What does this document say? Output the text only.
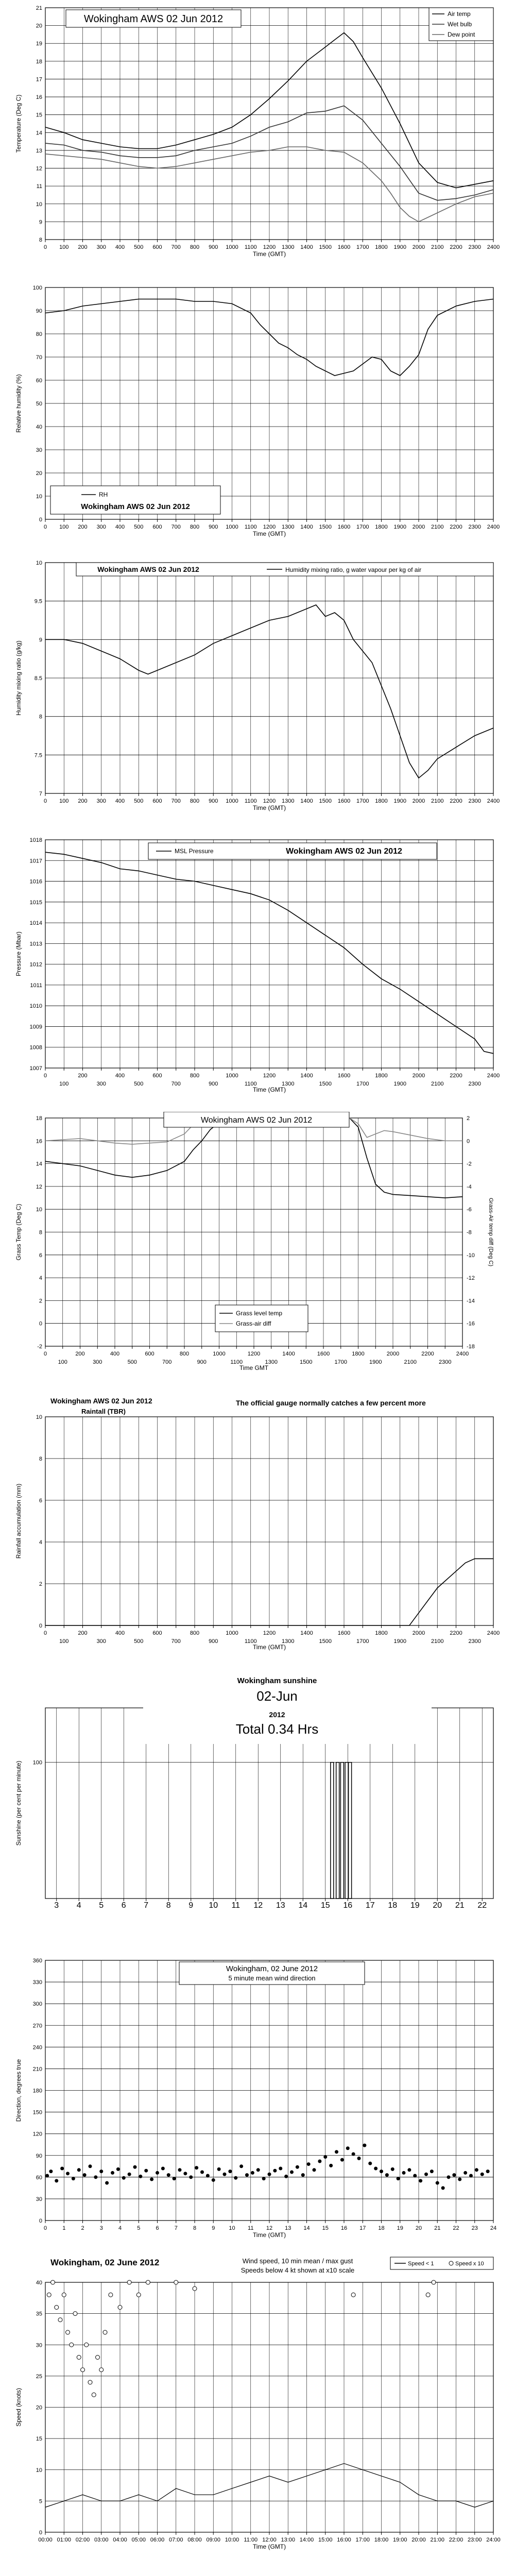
8
9
10
11
12
13
14
15
16
17
18
19
20
21
0 100 200 300 400 500 600 700 800 900 1000 1100 1200 1300 1400 1500 1600 1700 1800 1900 2000 2100 2200 2300 2400
Time (GMT)
Temperature (Deg C)
Wokingham AWS 02 Jun 2012	Air temp
Wet bulb
Dew point
0
10
20
30
40
50
60
70
80
90
100
0 100 200 300 400 500 600 700 800 900 1000 1100 1200 1300 1400 1500 1600 1700 1800 1900 2000 2100 2200 2300 2400
Time (GMT)
Relative humidity (%)
RH
Wokingham AWS 02 Jun 2012
7
7.5
8
8.5
9
9.5
10
0 100 200 300 400 500 600 700 800 900 1000 1100 1200 1300 1400 1500 1600 1700 1800 1900 2000 2100 2200 2300 2400
Time (GMT)
Humidity mixing ratio (g/kg)
Wokingham AWS 02 Jun 2012	Humidity mixing ratio, g water vapour per kg of air
1007
1008
1009
1010
1011
1012
1013
1014
1015
1016
1017
1018
0
100
200
300
400
500
600
700
800
900
1000
1100
1200
1300
1400
1500
1600
1700
1800
1900
2000
2100
2200
2300
2400
Time (GMT)
Pressure (Mbar)
MSL Pressure	Wokingham AWS 02 Jun 2012
-2
0
2
4
6
8
10
12
14
16
18
-18
-16
-14
-12
-10
-8
-6
-4
-2
0
2
Grass-Air temp diff (Deg C)
0
100
200
300
400
500
600
700
800
900
1000
1100
1200
1300
1400
1500
1600
1700
1800
1900
2000
2100
2200
2300
2400
Time GMT
Grass Temp (Deg C)
Wokingham AWS 02 Jun 2012
Grass level temp
Grass-air diff
0
2
4
6
8
10
0
100
200
300
400
500
600
700
800
900
1000
1100
1200
1300
1400
1500
1600
1700
1800
1900
2000
2100
2200
2300
2400
Time (GMT)
Rainfall accumulation (mm)
Wokingham AWS 02 Jun 2012
Raintall (TBR)
The official gauge normally catches a few percent more
100
3 4 5 6 7 8 9 10 11 12 13 14 15 16 17 18 19 20 21 22
Sunshine (per cent per minute)
Wokingham sunshine
02-Jun
2012
Total 0.34 Hrs
0
30
60
90
120
150
180
210
240
270
300
330
360
0	1	2	3	4	5	6	7	8	9 10 11 12 13 14 15 16 17 18 19 20 21 22 23 24
Time (GMT)
Direction, degrees true
Wokingham, 02 June 2012
5 minute mean wind direction
0
5
10
15
20
25
30
35
40
00:00 01:00 02:00 03:00 04:00 05:00 06:00 07:00 08:00 09:00 10:00 11:00 12:00 13:00 14:00 15:00 16:00 17:00 18:00 19:00 20:00 21:00 22:00 23:00 24:00
Time (GMT)
Speed (knots)
Wokingham, 02 June 2012	Wind speed, 10 min mean / max gust
Speeds below 4 kt shown at x10 scale
Speed < 1	Speed x 10
